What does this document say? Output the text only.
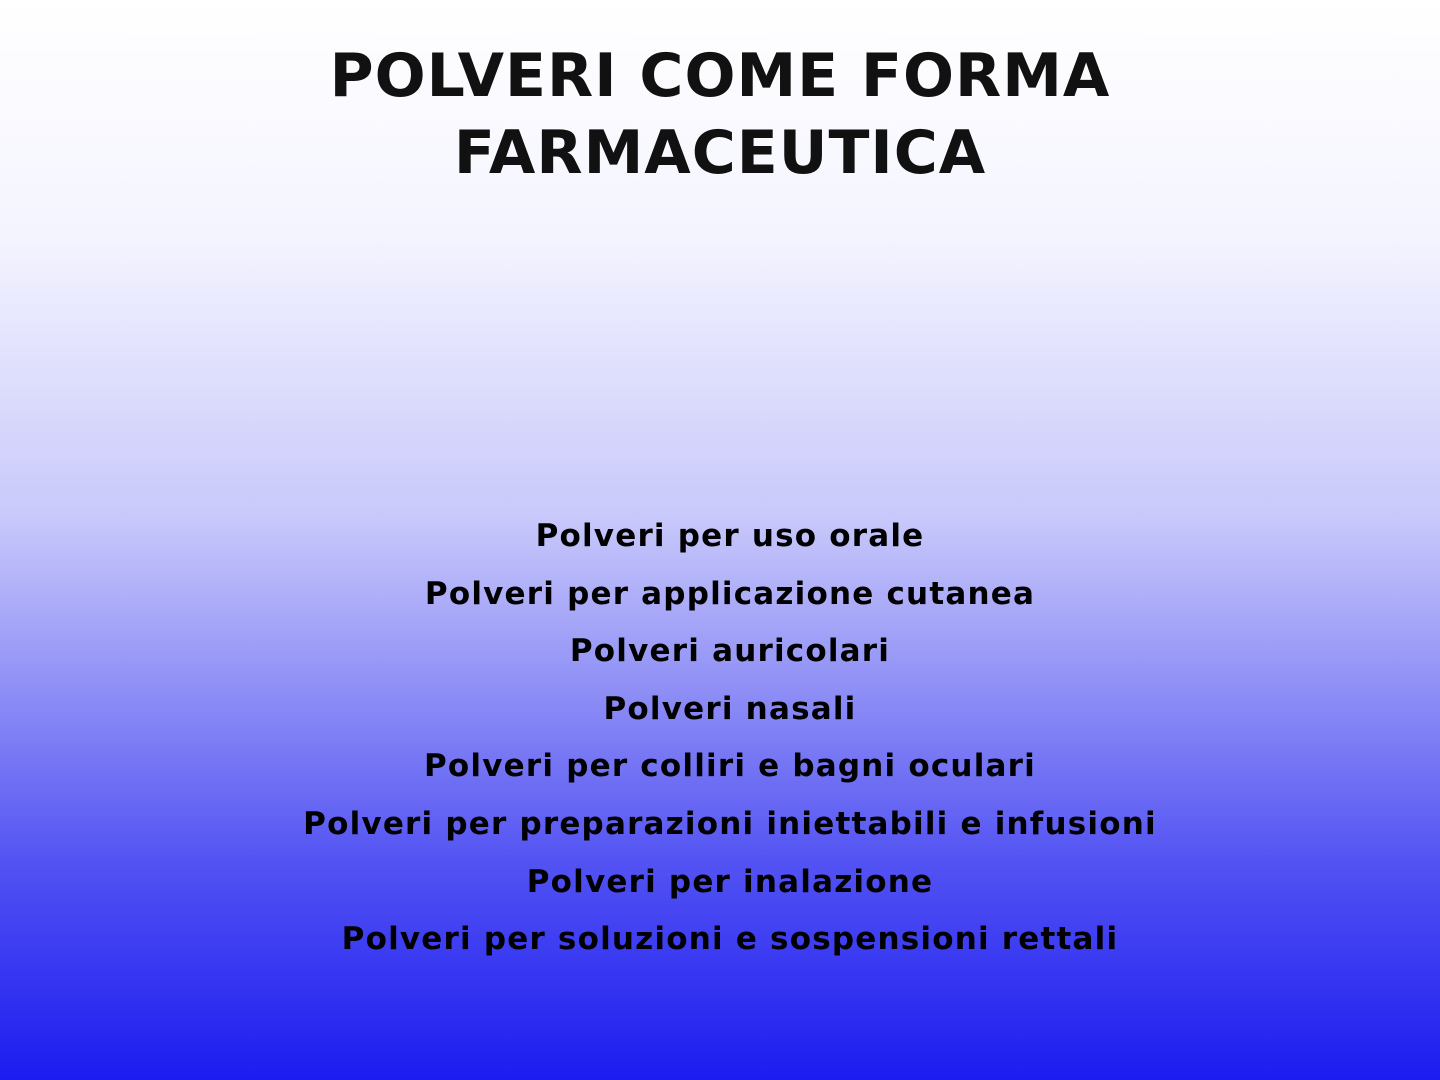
POLVERI COME FORMA
FARMACEUTICA
Polveri per uso orale
Polveri per applicazione cutanea
Polveri auricolari
Polveri nasali
Polveri per colliri e bagni oculari
Polveri per preparazioni iniettabili e infusioni
Polveri per inalazione
Polveri per soluzioni e sospensioni rettali
